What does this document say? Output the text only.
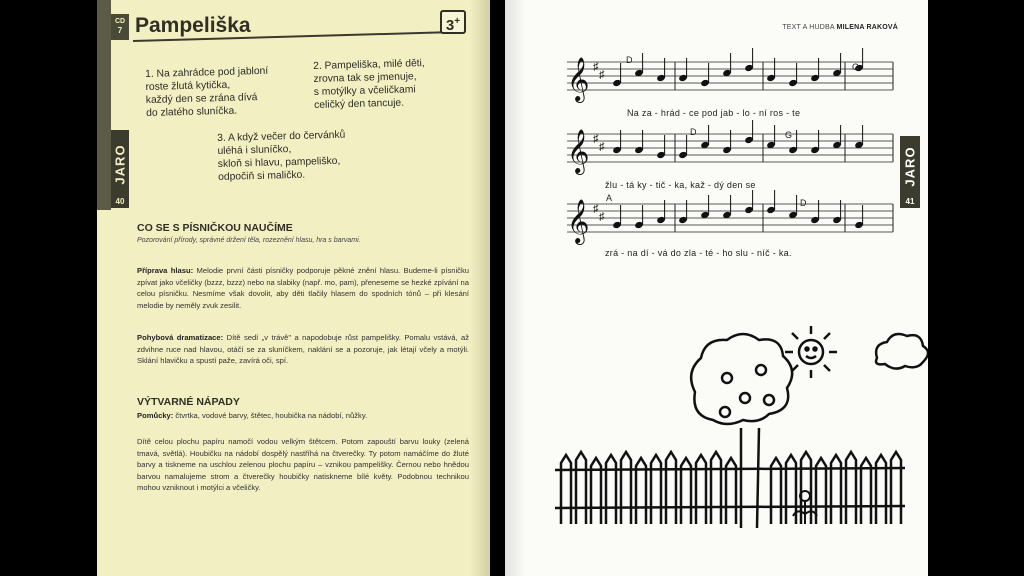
CD
7
JARO
40
Pampeliška	3+
1. Na zahrádce pod jabloní
roste žlutá kytička,
každý den se zrána dívá
do zlatého sluníčka.
2. Pampeliška, milé děti,
zrovna tak se jmenuje,
s motýlky a včeličkami
celičký den tancuje.
3. A když večer do červánků
uléhá i sluníčko,
skloň si hlavu, pampeliško,
odpočiň si maličko.
CO SE S PÍSNIČKOU NAUČÍME
Pozorování přírody, správné držení těla, rozeznění hlasu, hra s barvami.
Příprava hlasu: Melodie první části písničky podporuje pěkné znění hlasu. Budeme-li písničku zpívat jako včeličky (bzzz, bzzz) nebo na slabiky (např. mo, pam), přeneseme se hezké zpívání na celou písničku. Nesmíme však dovolit, aby děti tlačily hlasem do spodních tónů – při klesání melodie by neměly zvuk zesilit.
Pohybová dramatizace: Dítě sedí „v trávě" a napodobuje růst pampelišky. Pomalu vstává, až zdvihne ruce nad hlavou, otáčí se za sluníčkem, naklání se a pozoruje, jak létají včely a motýli. Sklání hlavičku a spustí paže, zavírá oči, spí.
VÝTVARNÉ NÁPADY
Pomůcky: čtvrtka, vodové barvy, štětec, houbička na nádobí, nůžky.
Dítě celou plochu papíru namočí vodou velkým štětcem. Potom zapouští barvu louky (zelená tmavá, světlá). Houbičku na nádobí dospělý nastříhá na čtverečky. Ty potom namáčíme do žluté barvy a tiskneme na uschlou zelenou plochu papíru – vznikou pampelišky. Černou nebo hnědou barvou namalujeme strom a čtverečky houbičky natiskneme bílé květy. Podobnou technikou mohou vzniknout i motýlci a včeličky.
TEXT A HUDBA MILENA RAKOVÁ
JARO
41
𝄞 ♯
♯
𝄞 ♯
♯
𝄞 ♯
♯
D
G
Na za - hrád - ce pod jab - lo - ní ros - te
D	G
žlu - tá ky - tič - ka, kaž - dý den se
A	D
zrá - na dí - vá do zla - té - ho slu - níč - ka.
